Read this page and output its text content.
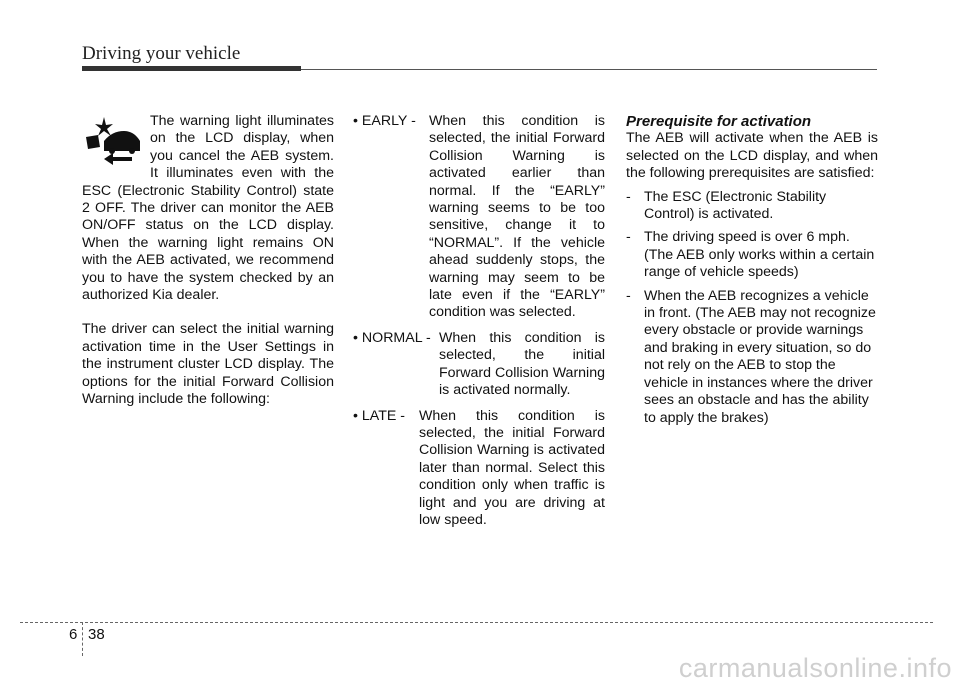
Driving your vehicle

The warning light illuminates on the LCD display, when you cancel the AEB system. It illuminates even with the ESC (Electronic Stability Control) state 2 OFF. The driver can monitor the AEB ON/OFF status on the LCD display. When the warning light remains ON with the AEB activated, we recommend you to have the system checked by an authorized Kia dealer.

The driver can select the initial warning activation time in the User Settings in the instrument cluster LCD display. The options for the initial Forward Collision Warning include the following:

• EARLY - When this condition is selected, the initial Forward Collision Warning is activated earlier than normal. If the “EARLY” warning seems to be too sensitive, change it to “NORMAL”. If the vehicle ahead suddenly stops, the warning may seem to be late even if the “EARLY” condition was selected.
• NORMAL - When this condition is selected, the initial Forward Collision Warning is activated normally.
• LATE - When this condition is selected, the initial Forward Collision Warning is activated later than normal. Select this condition only when traffic is light and you are driving at low speed.

Prerequisite for activation

The AEB will activate when the AEB is selected on the LCD display, and when the following prerequisites are satisfied:

- The ESC (Electronic Stability Control) is activated.
- The driving speed is over 6 mph. (The AEB only works within a certain range of vehicle speeds)
- When the AEB recognizes a vehicle in front. (The AEB may not recognize every obstacle or provide warnings and braking in every situation, so do not rely on the AEB to stop the vehicle in instances where the driver sees an obstacle and has the ability to apply the brakes)
6 38
carmanualsonline.info
